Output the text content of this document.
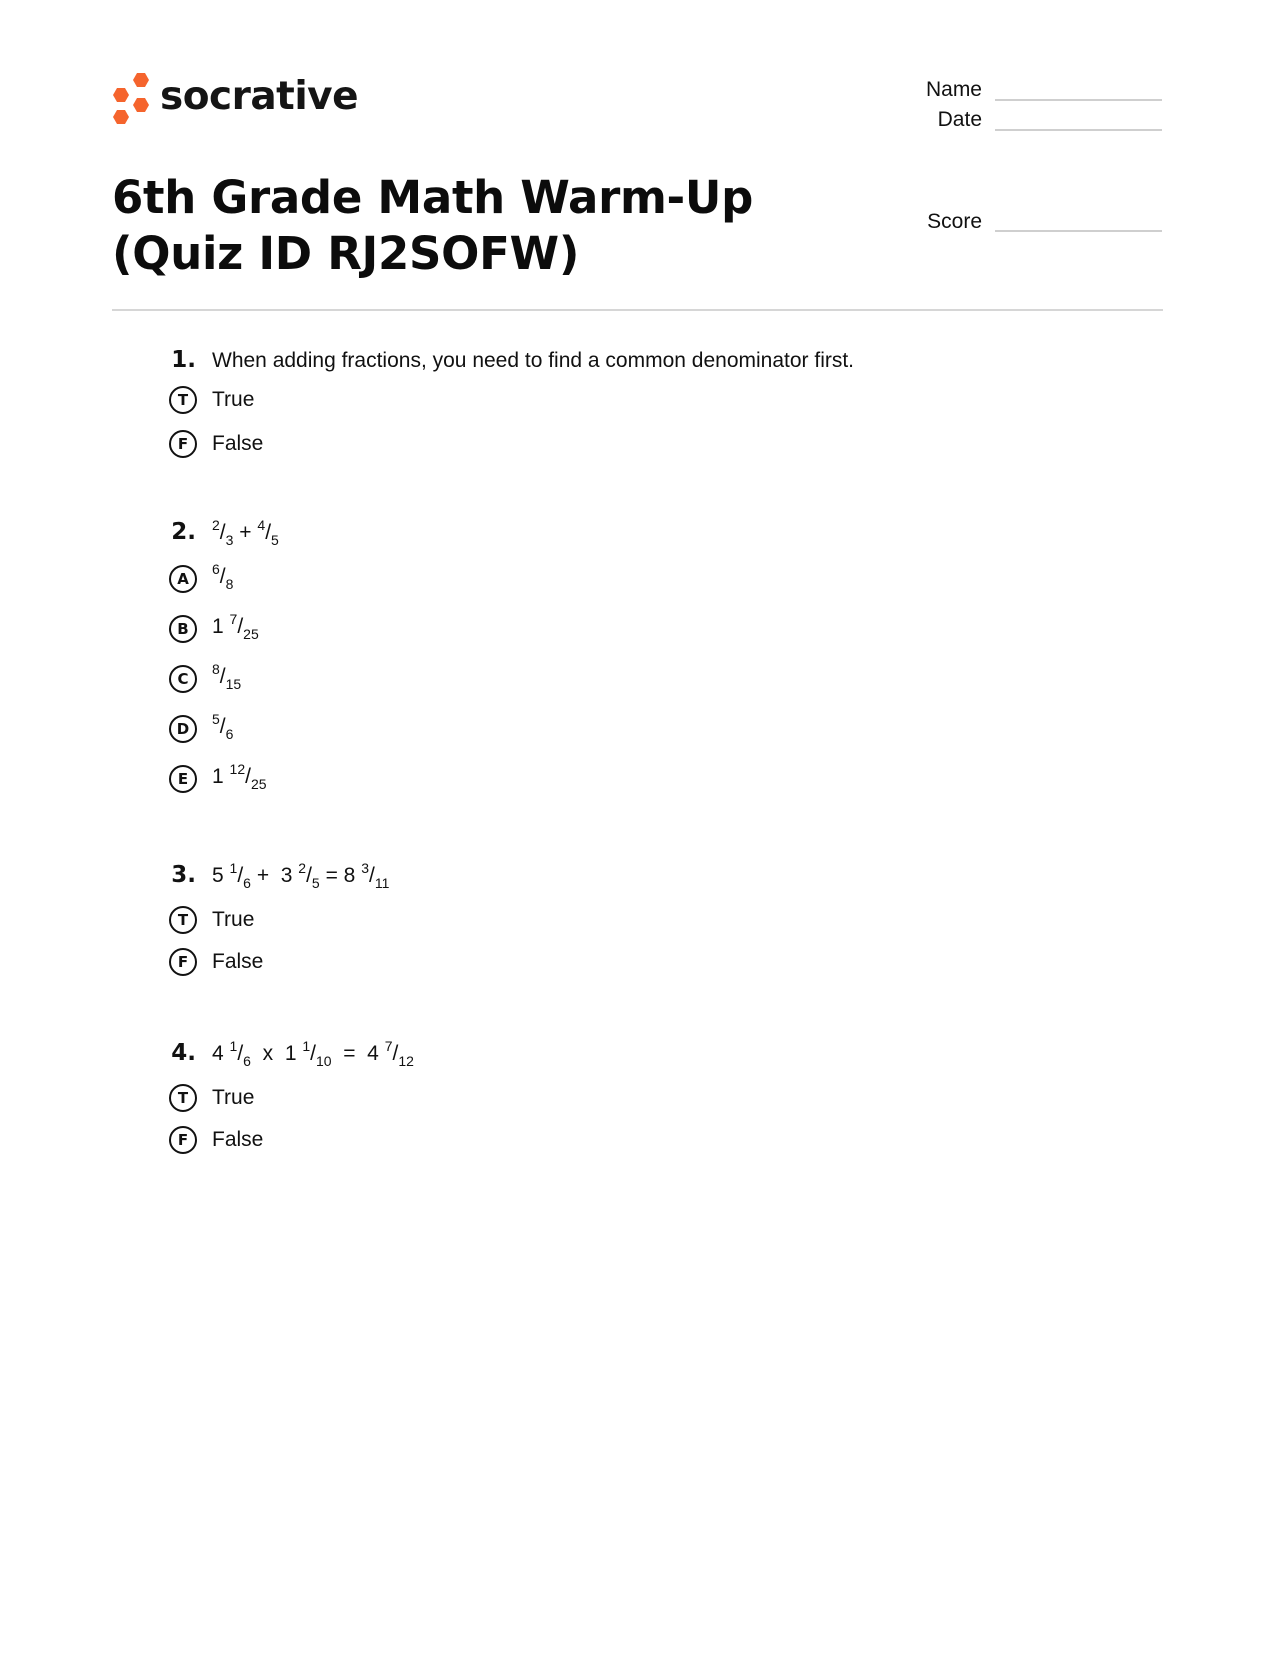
socrative	Name
Date
Score
6th Grade Math Warm-Up (Quiz ID RJ2SOFW)
1. When adding fractions, you need to find a common denominator first.
T	True
F	False
2. $^2/_3 + ^4/_5$
A
$^6/_8$
B	1 $^7/_{25}$
C
$^8/_{15}$
D
$^5/_6$
E	1 $^{12}/_{25}$
3. 5 $^1/_6 + 3$ $^2/_5 = 8$ $^3/_{11}$
T	True
F	False
4. 4 $^1/_6$ x 1 $^1/_{10} = 4$ $^7/_{12}$
T	True
F	False
